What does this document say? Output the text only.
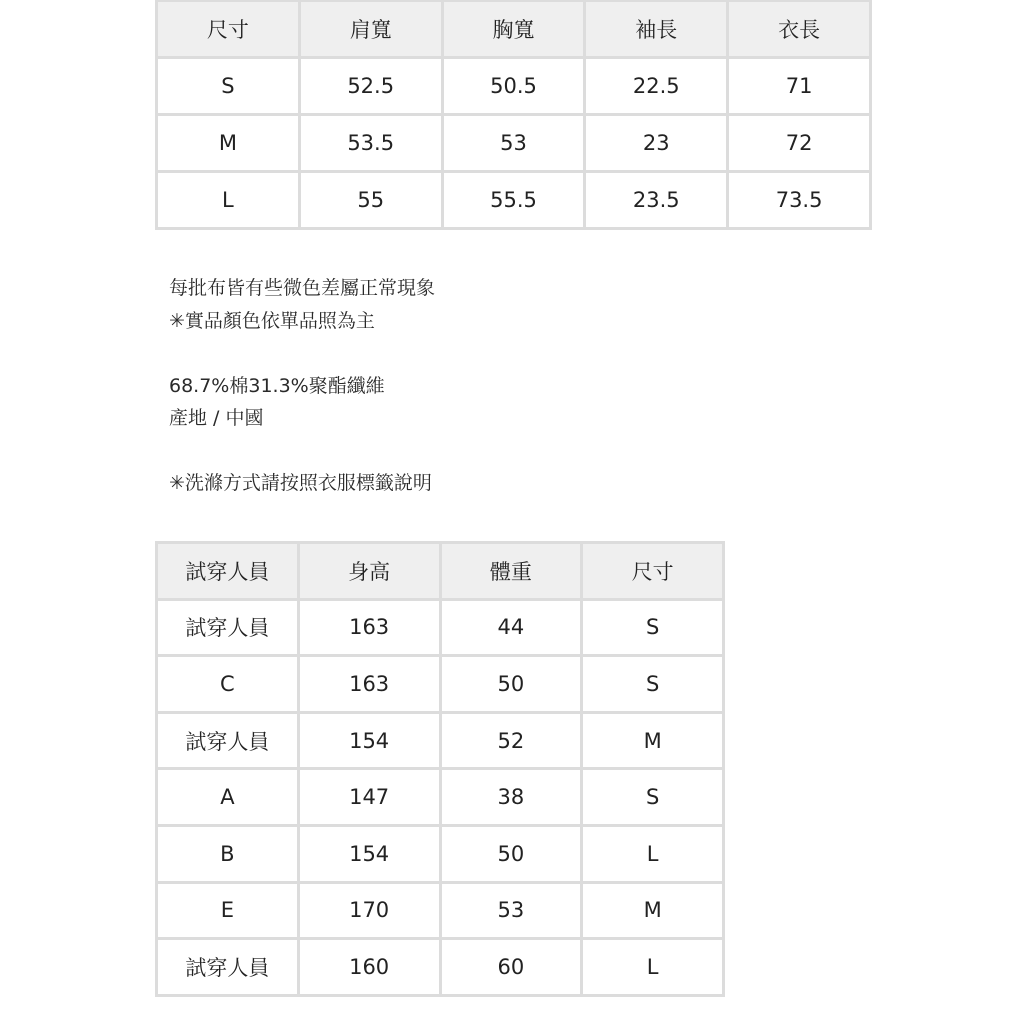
尺寸	肩寬	胸寬	袖長	衣長
S	52.5	50.5	22.5	71
M	53.5	53	23	72
L	55	55.5	23.5	73.5
每批布皆有些微色差屬正常現象
✳實品顏色依單品照為主
68.7%棉31.3%聚酯纖維
產地 / 中國
✳洗滌方式請按照衣服標籤說明
試穿人員	身高	體重	尺寸
試穿人員	163	44	S
C	163	50	S
試穿人員	154	52	M
A	147	38	S
B	154	50	L
E	170	53	M
試穿人員	160	60	L
